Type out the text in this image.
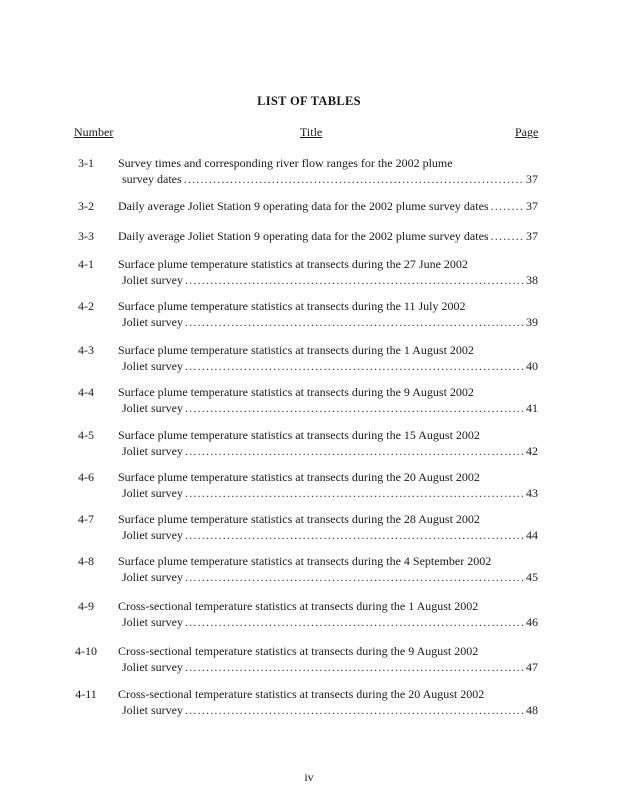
LIST OF TABLES
Number	Title	Page
3-1	Survey times and corresponding river flow ranges for the 2002 plume
survey dates .....	37
3-2	Daily average Joliet Station 9 operating data for the 2002 plume survey dates .....	37
3-3	Daily average Joliet Station 9 operating data for the 2002 plume survey dates .....	37
4-1	Surface plume temperature statistics at transects during the 27 June 2002
Joliet survey .....	38
4-2	Surface plume temperature statistics at transects during the 11 July 2002
Joliet survey .....	39
4-3	Surface plume temperature statistics at transects during the 1 August 2002
Joliet survey .....	40
4-4	Surface plume temperature statistics at transects during the 9 August 2002
Joliet survey .....	41
4-5	Surface plume temperature statistics at transects during the 15 August 2002
Joliet survey .....	42
4-6	Surface plume temperature statistics at transects during the 20 August 2002
Joliet survey .....	43
4-7	Surface plume temperature statistics at transects during the 28 August 2002
Joliet survey .....	44
4-8	Surface plume temperature statistics at transects during the 4 September 2002
Joliet survey .....	45
4-9	Cross-sectional temperature statistics at transects during the 1 August 2002
Joliet survey .....	46
4-10	Cross-sectional temperature statistics at transects during the 9 August 2002
Joliet survey .....	47
4-11	Cross-sectional temperature statistics at transects during the 20 August 2002
Joliet survey .....	48
iv
